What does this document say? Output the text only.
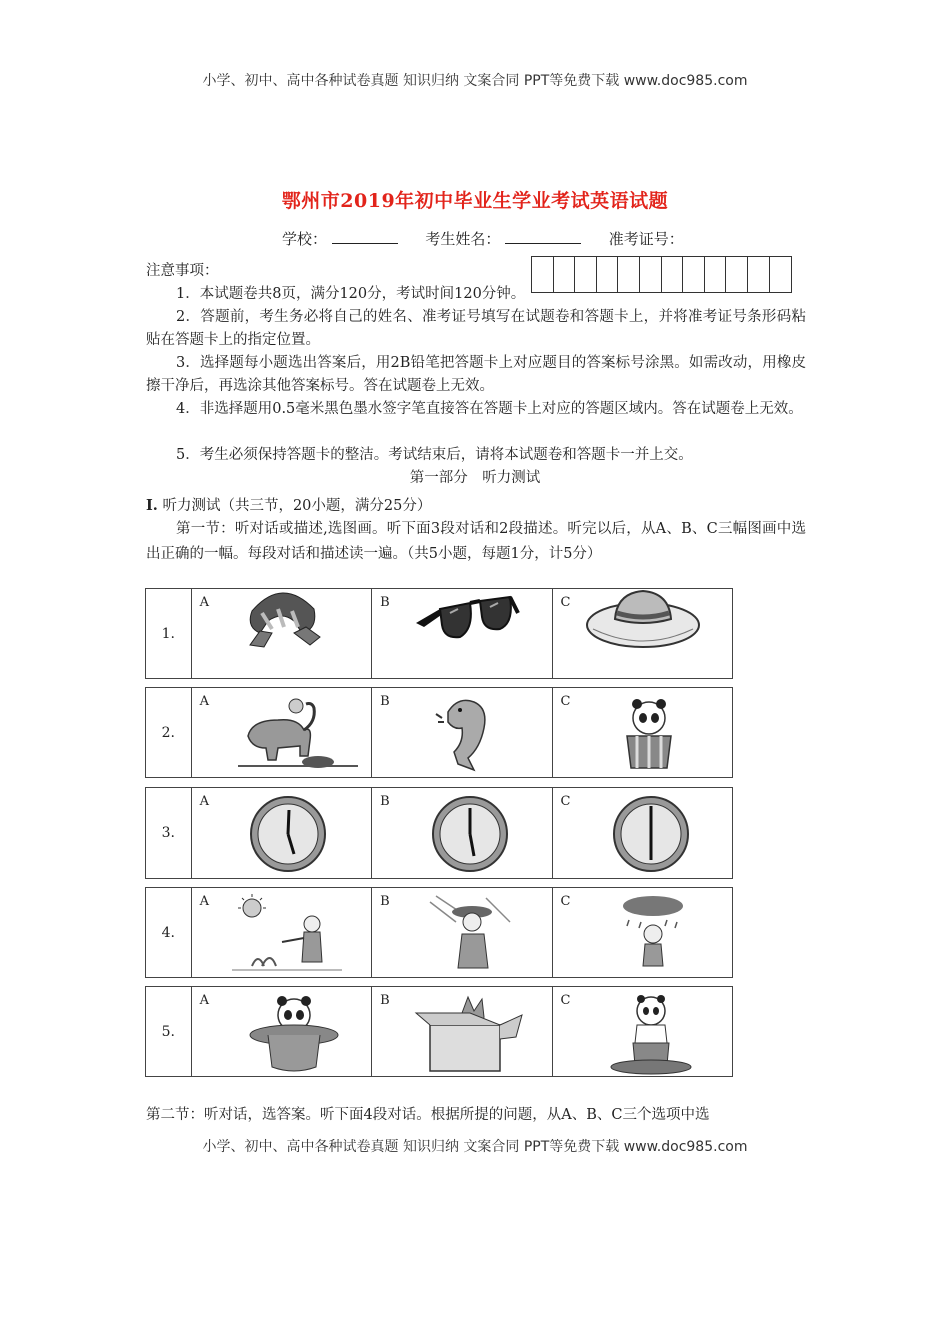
小学、初中、高中各种试卷真题 知识归纳 文案合同 PPT等免费下载 www.doc985.com
鄂州市2019年初中毕业生学业考试英语试题
学校：	考生姓名：	准考证号：
注意事项：
1．本试题卷共8页，满分120分，考试时间120分钟。
2．答题前，考生务必将自己的姓名、准考证号填写在试题卷和答题卡上，并将准考证号条形码粘贴在答题卡上的指定位置。
3．选择题每小题选出答案后，用2B铅笔把答题卡上对应题目的答案标号涂黑。如需改动，用橡皮擦干净后，再选涂其他答案标号。答在试题卷上无效。
4．非选择题用0.5毫米黑色墨水签字笔直接答在答题卡上对应的答题区域内。答在试题卷上无效。
5．考生必须保持答题卡的整洁。考试结束后，请将本试题卷和答题卡一并上交。
第一部分　听力测试
Ⅰ. 听力测试（共三节，20小题，满分25分）
第一节：听对话或描述,选图画。听下面3段对话和2段描述。听完以后，从A、B、C三幅图画中选出正确的一幅。每段对话和描述读一遍。（共5小题，每题1分，计5分）
1.
A	B	C
2.
A	B	C
3.
A	B	C
4.
A	B	C
5.
A	B	C
第二节：听对话，选答案。听下面4段对话。根据所提的问题，从A、B、C三个选项中选
小学、初中、高中各种试卷真题 知识归纳 文案合同 PPT等免费下载 www.doc985.com
